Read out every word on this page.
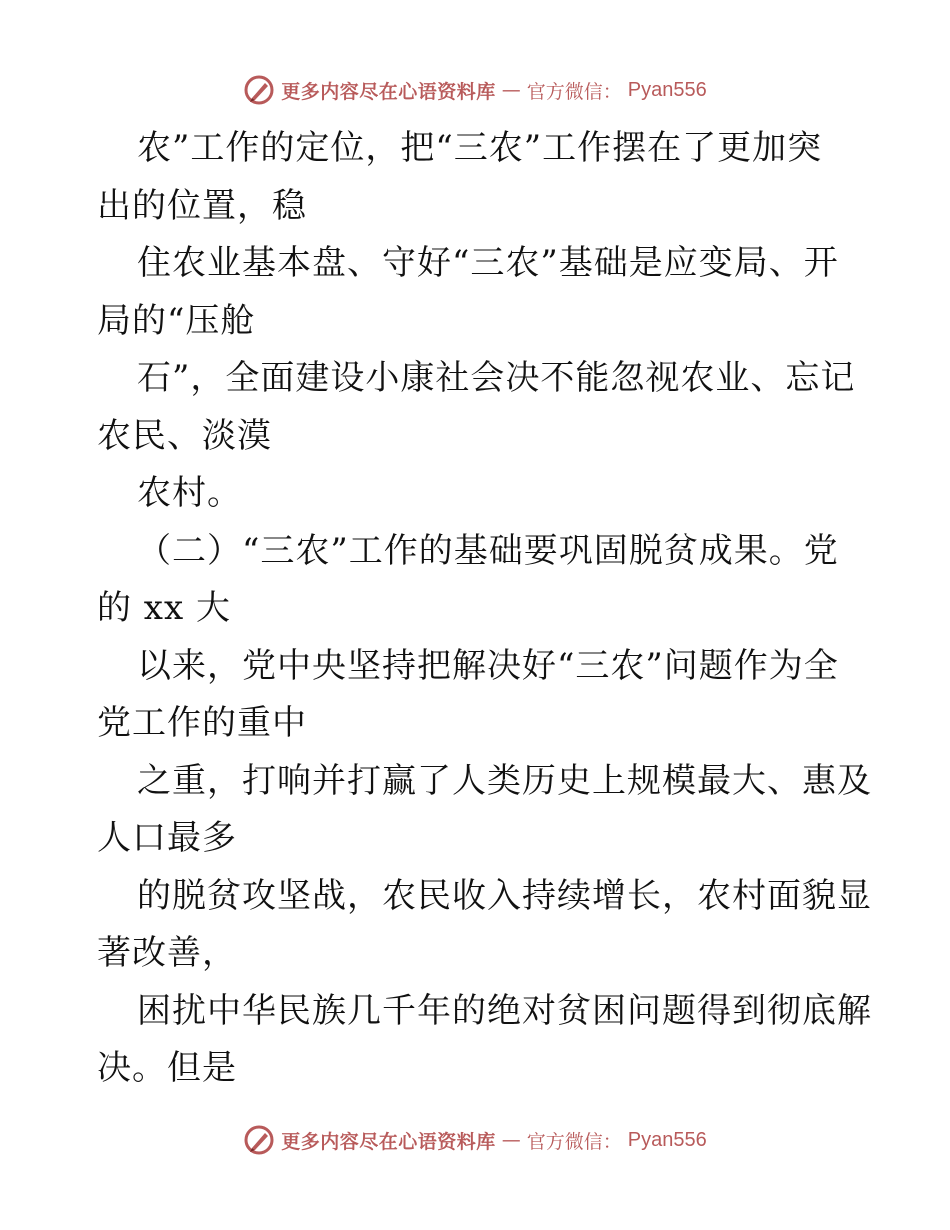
更多内容尽在心语资料库 — 官方微信： Pyan556
农”工作的定位，把“三农”工作摆在了更加突
出的位置，稳
住农业基本盘、守好“三农”基础是应变局、开
局的“压舱
石”，全面建设小康社会决不能忽视农业、忘记
农民、淡漠
农村。
（二）“三农”工作的基础要巩固脱贫成果。党
的 xx 大
以来，党中央坚持把解决好“三农”问题作为全
党工作的重中
之重，打响并打赢了人类历史上规模最大、惠及
人口最多
的脱贫攻坚战，农民收入持续增长，农村面貌显
著改善，
困扰中华民族几千年的绝对贫困问题得到彻底解
决。但是
更多内容尽在心语资料库 — 官方微信： Pyan556
